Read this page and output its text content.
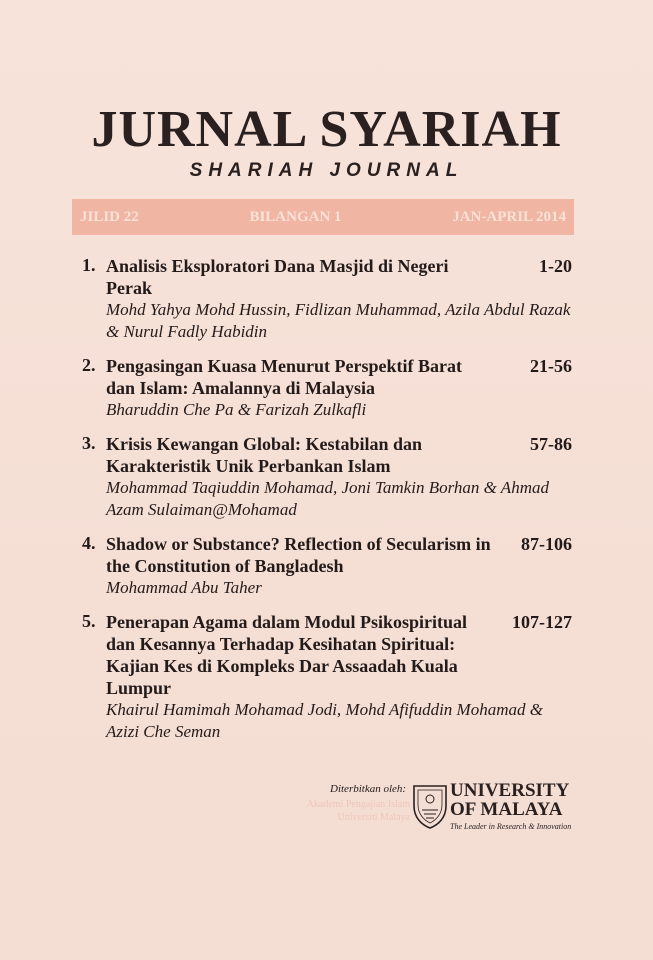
JURNAL SYARIAH
SHARIAH JOURNAL
JILID 22	BILANGAN 1	JAN-APRIL 2014
1. Analisis Eksploratori Dana Masjid di Negeri Perak
1-20
Mohd Yahya Mohd Hussin, Fidlizan Muhammad, Azila Abdul Razak & Nurul Fadly Habidin
2. Pengasingan Kuasa Menurut Perspektif Barat dan Islam: Amalannya di Malaysia
21-56
Bharuddin Che Pa & Farizah Zulkafli
3. Krisis Kewangan Global: Kestabilan dan Karakteristik Unik Perbankan Islam
57-86
Mohammad Taqiuddin Mohamad, Joni Tamkin Borhan & Ahmad Azam Sulaiman@Mohamad
4. Shadow or Substance? Reflection of Secularism in the Constitution of Bangladesh
87-106
Mohammad Abu Taher
5. Penerapan Agama dalam Modul Psikospiritual dan Kesannya Terhadap Kesihatan Spiritual: Kajian Kes di Kompleks Dar Assaadah Kuala Lumpur
107-127
Khairul Hamimah Mohamad Jodi, Mohd Afifuddin Mohamad & Azizi Che Seman
Diterbitkan oleh:
Akademi Pengajian Islam
Universiti Malaya
UNIVERSITY
OF MALAYA
The Leader in Research & Innovation
